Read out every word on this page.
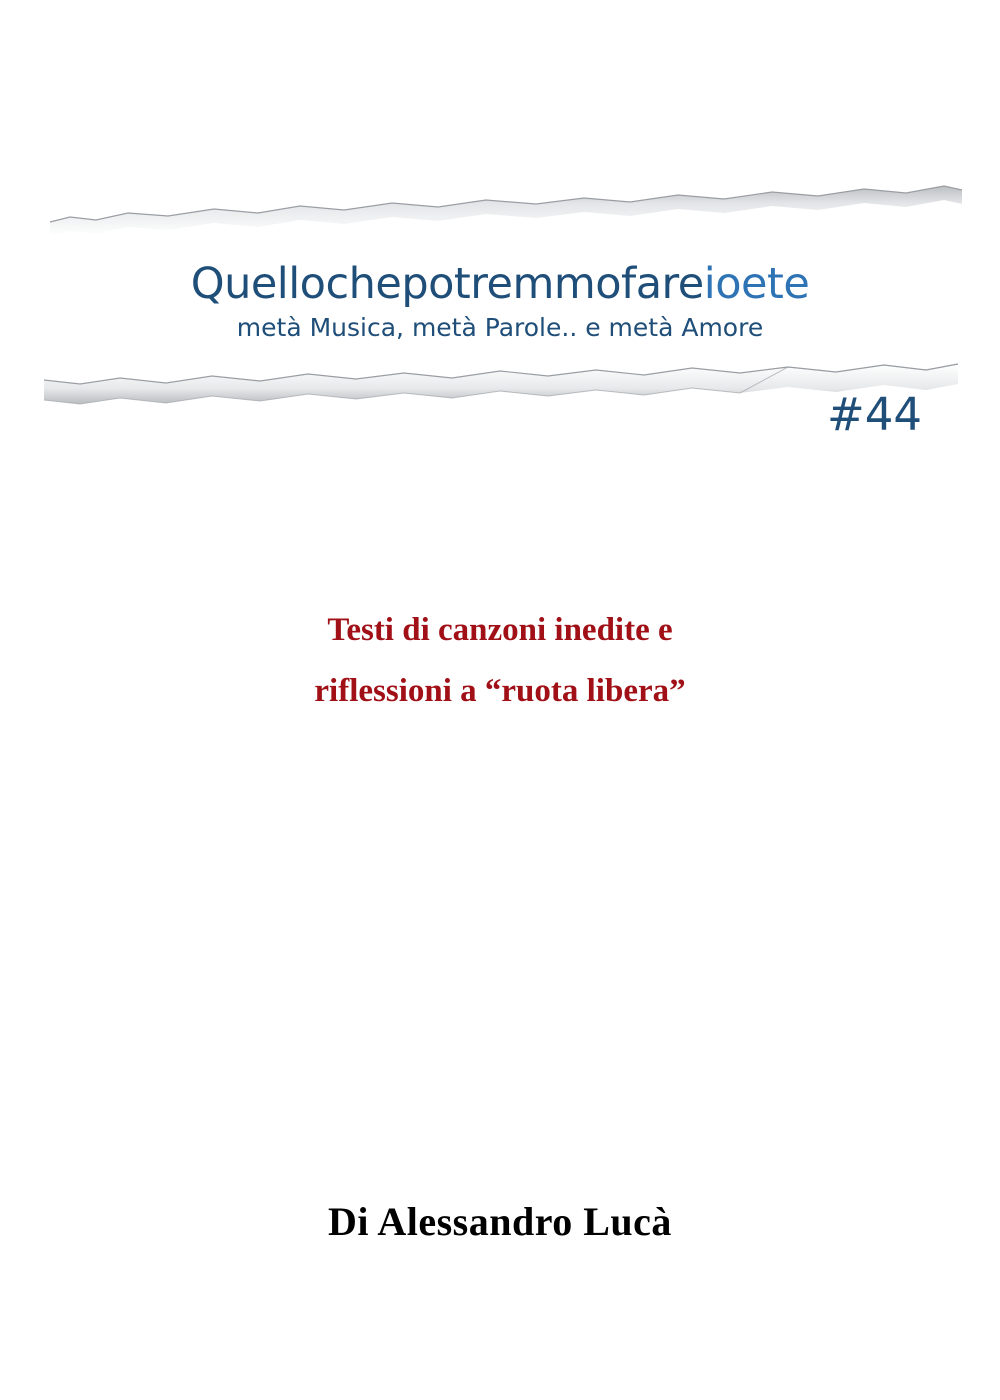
Quellochepotremmofareioete
metà Musica, metà Parole.. e metà Amore
#44
Testi di canzoni inedite e
riflessioni a “ruota libera”
Di Alessandro Lucà
